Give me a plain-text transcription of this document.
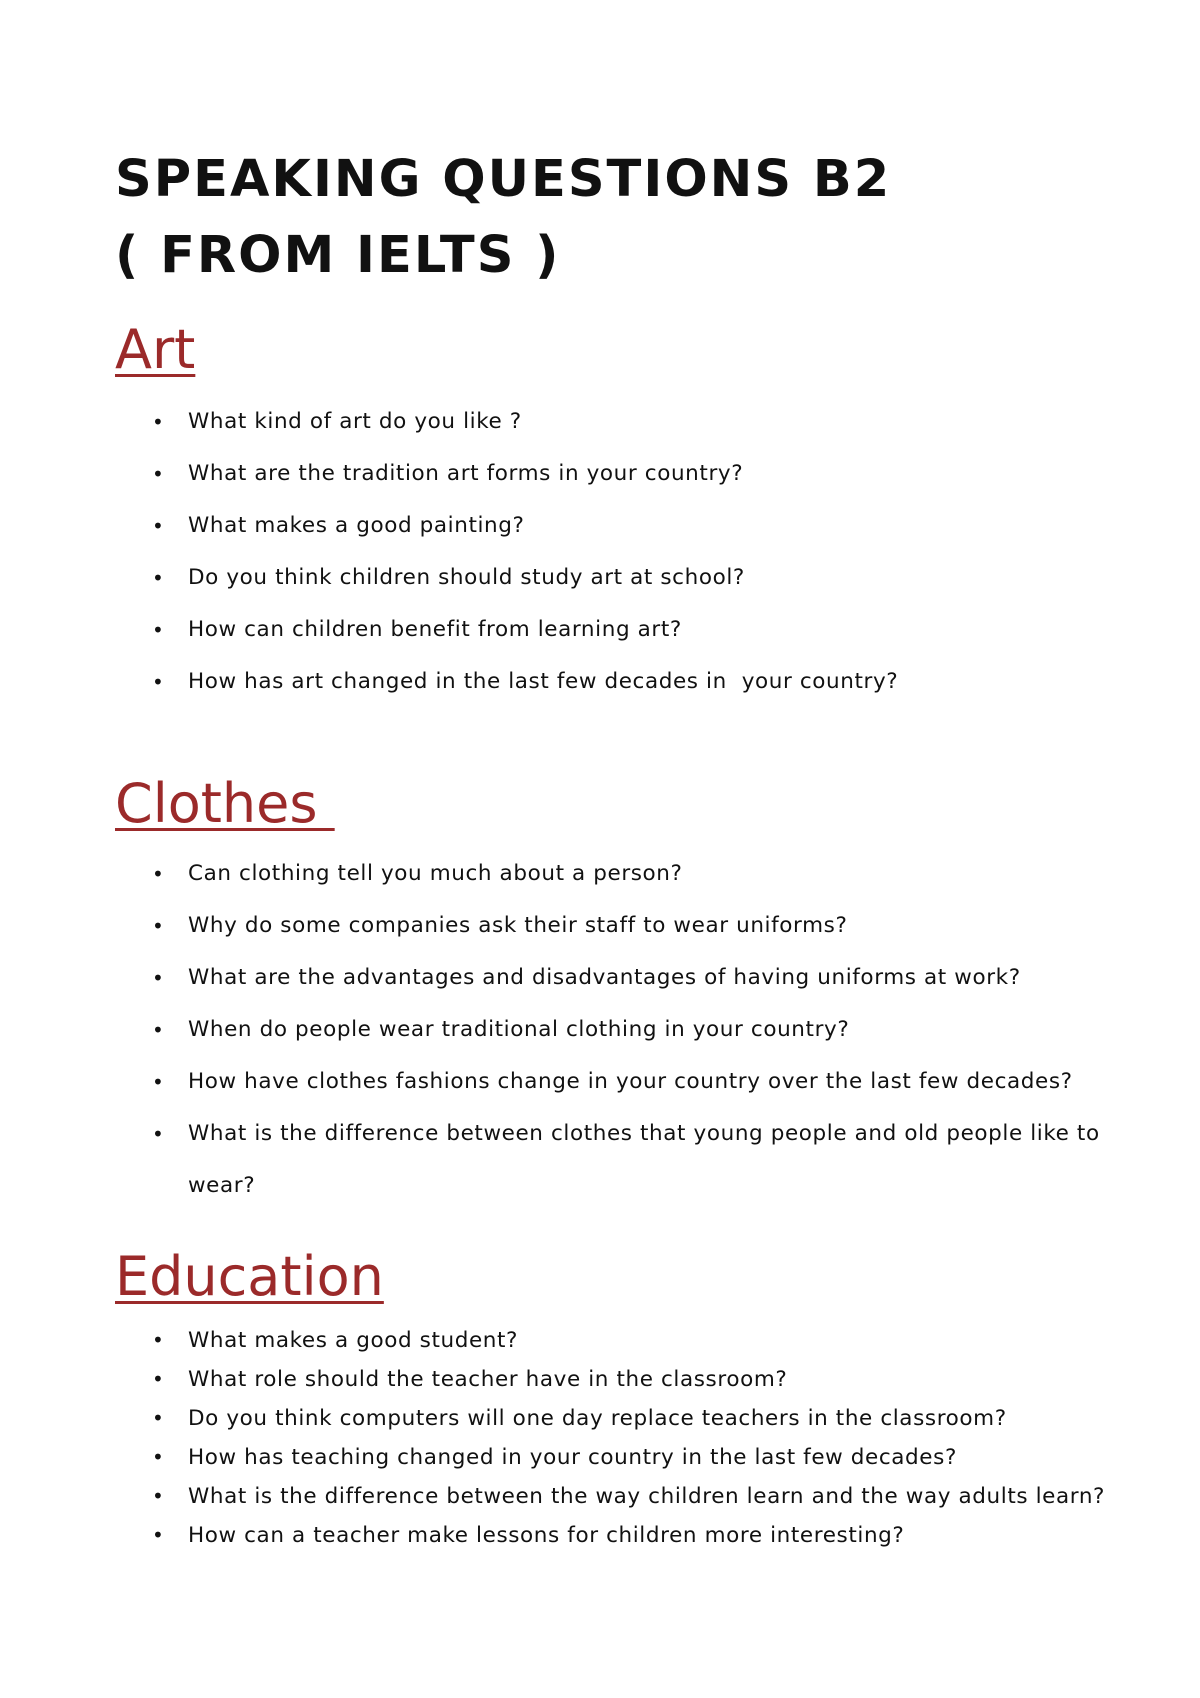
SPEAKING QUESTIONS B2
( FROM IELTS )
Art
• What kind of art do you like ?
• What are the tradition art forms in your country?
• What makes a good painting?
• Do you think children should study art at school?
• How can children benefit from learning art?
• How has art changed in the last few decades in  your country?
Clothes
• Can clothing tell you much about a person?
• Why do some companies ask their staff to wear uniforms?
• What are the advantages and disadvantages of having uniforms at work?
• When do people wear traditional clothing in your country?
• How have clothes fashions change in your country over the last few decades?
• What is the difference between clothes that young people and old people like to wear?
Education
• What makes a good student?
• What role should the teacher have in the classroom?
• Do you think computers will one day replace teachers in the classroom?
• How has teaching changed in your country in the last few decades?
• What is the difference between the way children learn and the way adults learn?
• How can a teacher make lessons for children more interesting?
